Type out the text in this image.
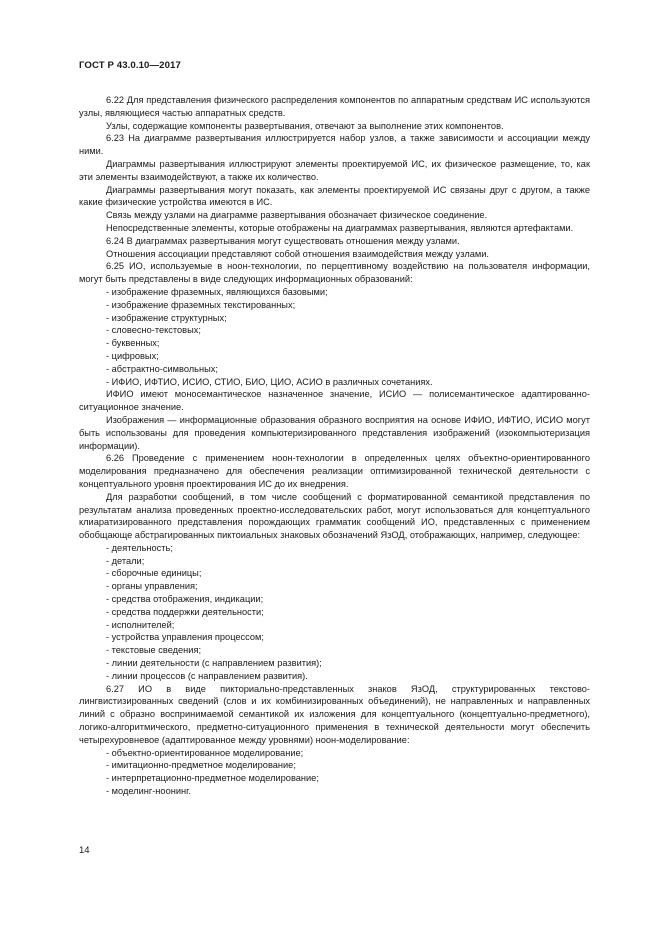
ГОСТ Р 43.0.10—2017

6.22 Для представления физического распределения компонентов по аппаратным средствам ИС используются узлы, являющиеся частью аппаратных средств.

Узлы, содержащие компоненты развертывания, отвечают за выполнение этих компонентов.

6.23 На диаграмме развертывания иллюстрируется набор узлов, а также зависимости и ассоциации между ними.

Диаграммы развертывания иллюстрируют элементы проектируемой ИС, их физическое размещение, то, как эти элементы взаимодействуют, а также их количество.

Диаграммы развертывания могут показать, как элементы проектируемой ИС связаны друг с другом, а также какие физические устройства имеются в ИС.

Связь между узлами на диаграмме развертывания обозначает физическое соединение.

Непосредственные элементы, которые отображены на диаграммах развертывания, являются артефактами.

6.24 В диаграммах развертывания могут существовать отношения между узлами.

Отношения ассоциации представляют собой отношения взаимодействия между узлами.

6.25 ИО, используемые в ноон-технологии, по перцептивному воздействию на пользователя информации, могут быть представлены в виде следующих информационных образований:

- изображение фраземных, являющихся базовыми;

- изображение фраземных текстированных;

- изображение структурных;

- словесно-текстовых;

- буквенных;

- цифровых;

- абстрактно-символьных;

- ИФИО, ИФТИО, ИСИО, СТИО, БИО, ЦИО, АСИО в различных сочетаниях.

ИФИО имеют моносемантическое назначенное значение, ИСИО — полисемантическое адаптированно-ситуационное значение.

Изображения — информационные образования образного восприятия на основе ИФИО, ИФТИО, ИСИО могут быть использованы для проведения компьютеризированного представления изображений (изокомпьютеризация информации).

6.26 Проведение с применением ноон-технологии в определенных целях объектно-ориентированного моделирования предназначено для обеспечения реализации оптимизированной технической деятельности с концептуального уровня проектирования ИС до их внедрения.

Для разработки сообщений, в том числе сообщений с форматированной семантикой представления по результатам анализа проведенных проектно-исследовательских работ, могут использоваться для концептуального клиаратизированного представления порождающих грамматик сообщений ИО, представленных с применением обобщающе абстрагированных пиктоиальных знаковых обозначений ЯзОД, отображающих, например, следующее:

- деятельность;

- детали;

- сборочные единицы;

- органы управления;

- средства отображения, индикации;

- средства поддержки деятельности;

- исполнителей;

- устройства управления процессом;

- текстовые сведения;

- линии деятельности (с направлением развития);

- линии процессов (с направлением развития).

6.27 ИО в виде пикториально-представленных знаков ЯзОД, структурированных текстово-лингвистизированных сведений (слов и их комбинизированных объединений), не направленных и направленных линий с образно воспринимаемой семантикой их изложения для концептуального (концептуально-предметного), логико-алгоритмического, предметно-ситуационного применения в технической деятельности могут обеспечить четырехуровневое (адаптированное между уровнями) ноон-моделирование:

- объектно-ориентированное моделирование;

- имитационно-предметное моделирование;

- интерпретационно-предметное моделирование;

- моделинг-ноонинг.

14
